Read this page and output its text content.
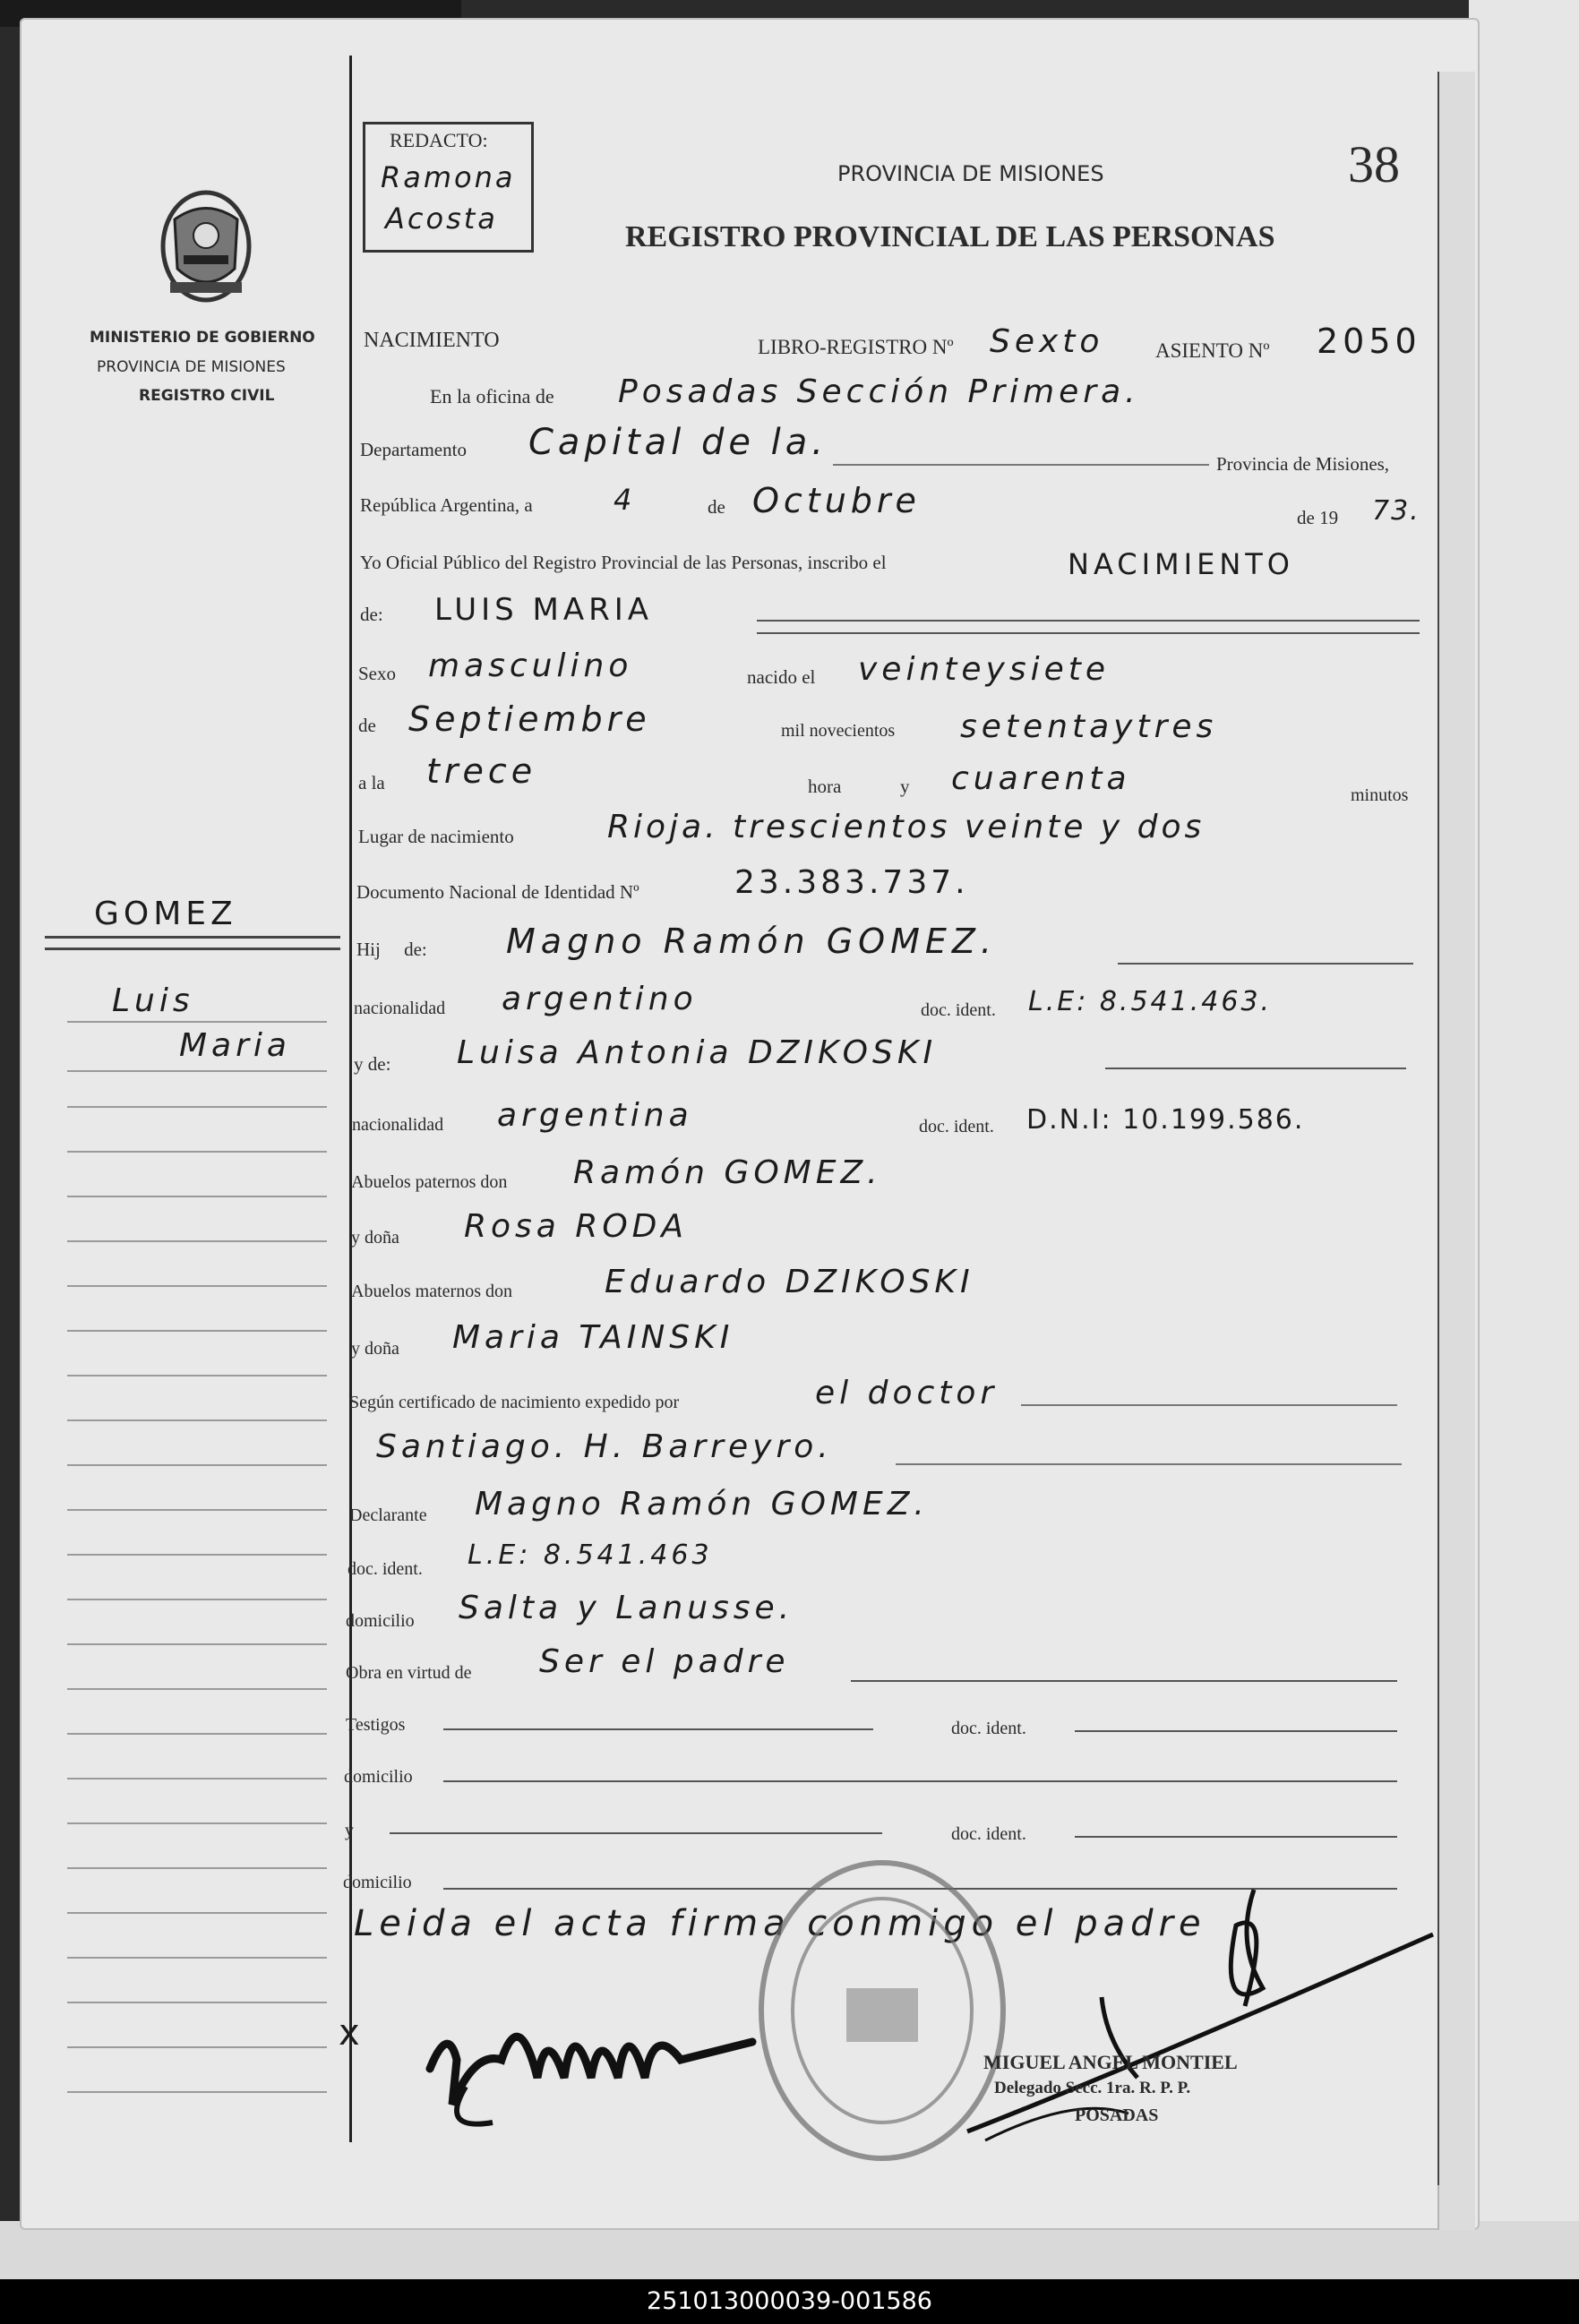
MINISTERIO DE GOBIERNO
PROVINCIA DE MISIONES
REGISTRO CIVIL
GOMEZ
Luis
Maria
REDACTO:
Ramona
Acosta
PROVINCIA DE MISIONES	38
REGISTRO PROVINCIAL DE LAS PERSONAS
NACIMIENTO	LIBRO-REGISTRO Nº Sexto	ASIENTO Nº 2050
En la oficina de Posadas Sección Primera.
Departamento Capital de la.
Provincia de Misiones,
República Argentina, a	4	de Octubre	de 19 73.
Yo Oficial Público del Registro Provincial de las Personas, inscribo el	NACIMIENTO
de: LUIS MARIA
Sexo masculino	nacido el veinteysiete
de Septiembre	mil novecientos setentaytres
a la trece	hora	y cuarenta	minutos
Lugar de nacimiento	Rioja. trescientos veinte y dos
Documento Nacional de Identidad Nº	23.383.737.
Hij     de: Magno Ramón GOMEZ.
nacionalidad argentino	doc. ident. L.E: 8.541.463.
y de: Luisa Antonia DZIKOSKI
nacionalidad argentina	doc. ident. D.N.I: 10.199.586.
Abuelos paternos don Ramón GOMEZ.
y doña Rosa RODA
Abuelos maternos don	Eduardo DZIKOSKI
y doña Maria TAINSKI
Según certificado de nacimiento expedido por	el doctor
Santiago. H. Barreyro.
Declarante Magno Ramón GOMEZ.
doc. ident. L.E: 8.541.463
domicilio Salta y Lanusse.
Obra en virtud de Ser el padre
Testigos	doc. ident.
domicilio
y	doc. ident.
domicilio
Leida el acta firma conmigo el padre
x
MIGUEL ANGEL MONTIEL
Delegado Secc. 1ra. R. P. P.
POSADAS
251013000039-001586
